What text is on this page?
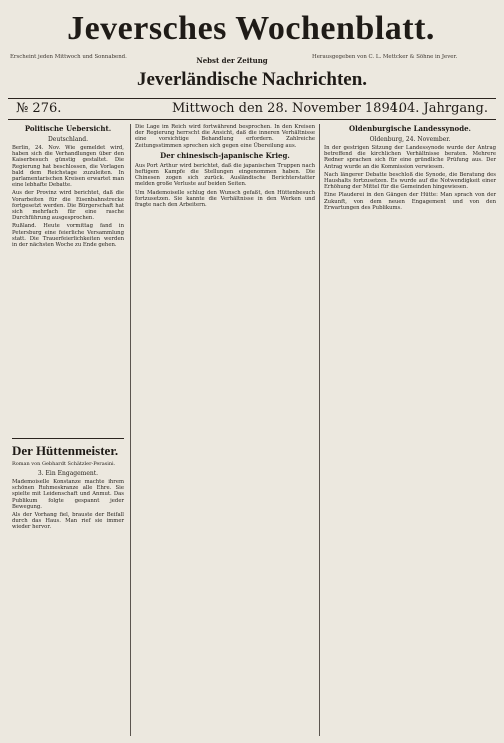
Jeversches Wochenblatt.
Erscheint jeden Mittwoch und Sonnabend.	Nebst der Zeitung	Herausgegeben von C. L. Mettcker & Söhne in Jever.
Jeverländische Nachrichten.
№ 276.	Mittwoch den 28. November 1894.
104. Jahrgang.
Politische Uebersicht.
Deutschland.

Berlin, 24. Nov. Wie gemeldet wird, haben sich die Verhandlungen über den Kaiserbesuch günstig gestaltet. Die Regierung hat beschlossen, die Vorlagen bald dem Reichstage zuzuleiten. In parlamentarischen Kreisen erwartet man eine lebhafte Debatte.

Aus der Provinz wird berichtet, daß die Vorarbeiten für die Eisenbahnstrecke fortgesetzt werden. Die Bürgerschaft hat sich mehrfach für eine rasche Durchführung ausgesprochen.

Rußland. Heute vormittag fand in Petersburg eine feierliche Versammlung statt. Die Trauerfeierlichkeiten werden in der nächsten Woche zu Ende gehen.

Die Lage im Reich wird fortwährend besprochen. In den Kreisen der Regierung herrscht die Ansicht, daß die inneren Verhältnisse eine vorsichtige Behandlung erfordern. Zahlreiche Zeitungsstimmen sprechen sich gegen eine Übereilung aus.

Der chinesisch-japanische Krieg.

Aus Port Arthur wird berichtet, daß die japanischen Truppen nach heftigem Kampfe die Stellungen eingenommen haben. Die Chinesen zogen sich zurück. Ausländische Berichterstatter melden große Verluste auf beiden Seiten.

Um Mademoiselle schlug den Wunsch gefaßt, den Hüttenbesuch fortzusetzen. Sie kannte die Verhältnisse in den Werken und fragte nach den Arbeitern.

Oldenburgische Landessynode.
Oldenburg, 24. November.

In der gestrigen Sitzung der Landessynode wurde der Antrag betreffend die kirchlichen Verhältnisse beraten. Mehrere Redner sprachen sich für eine gründliche Prüfung aus. Der Antrag wurde an die Kommission verwiesen.

Nach längerer Debatte beschloß die Synode, die Beratung des Haushalts fortzusetzen. Es wurde auf die Notwendigkeit einer Erhöhung der Mittel für die Gemeinden hingewiesen.

Eine Plauderei in den Gängen der Hütte: Man sprach von der Zukunft, von dem neuen Engagement und von den Erwartungen des Publikums.

Der Hüttenmeister.
Roman von Gebhardt Schätzler-Perasini.
3. Ein Engagement.

Mademoiselle Konstanze machte ihrem schönen Ruhmeskranze alle Ehre. Sie spielte mit Leidenschaft und Anmut. Das Publikum folgte gespannt jeder Bewegung.

Als der Vorhang fiel, brauste der Beifall durch das Haus. Man rief sie immer wieder hervor.
